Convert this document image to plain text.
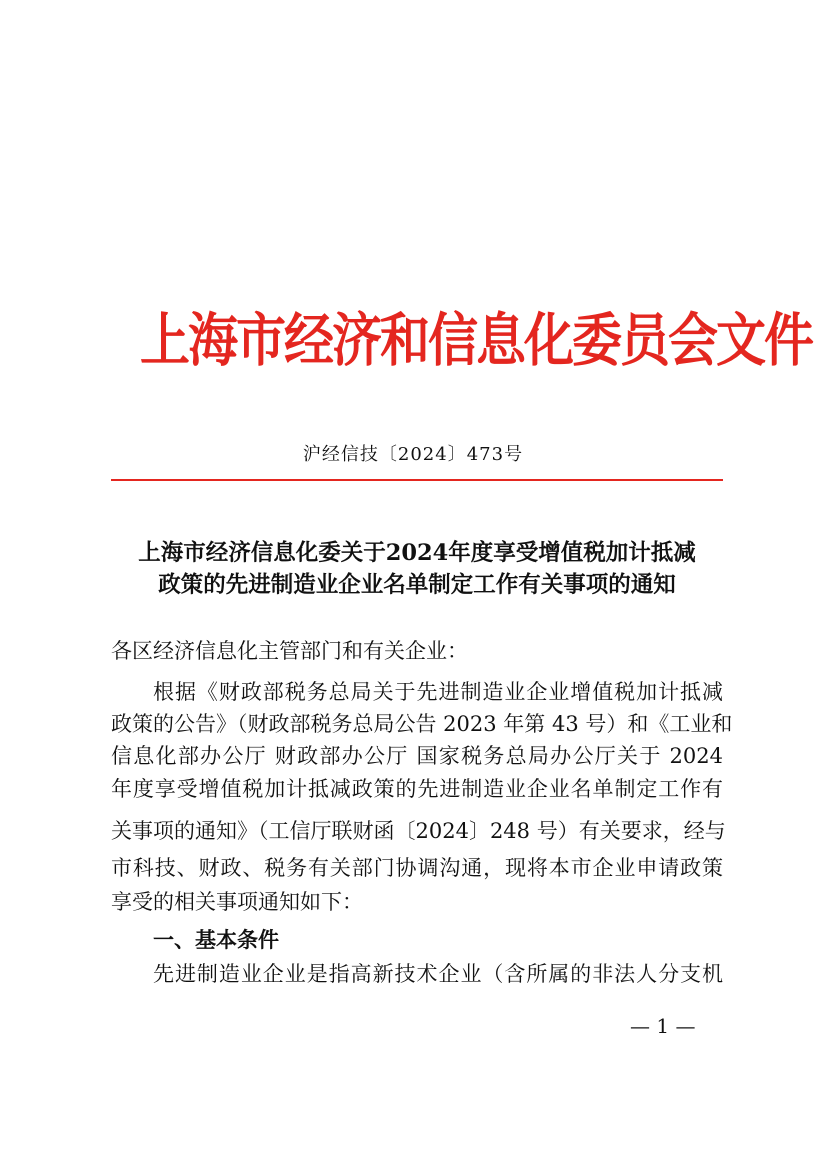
上海市经济和信息化委员会文件
沪经信技〔2024〕473号
上海市经济信息化委关于2024年度享受增值税加计抵减
政策的先进制造业企业名单制定工作有关事项的通知
各区经济信息化主管部门和有关企业：
根据《财政部税务总局关于先进制造业企业增值税加计抵减
政策的公告》（财政部税务总局公告 2023 年第 43 号）和《工业和
信息化部办公厅 财政部办公厅 国家税务总局办公厅关于 2024
年度享受增值税加计抵减政策的先进制造业企业名单制定工作有
关事项的通知》（工信厅联财函〔2024〕248 号）有关要求，经与
市科技、财政、税务有关部门协调沟通，现将本市企业申请政策
享受的相关事项通知如下：
一、基本条件
先进制造业企业是指高新技术企业（含所属的非法人分支机
— 1 —
